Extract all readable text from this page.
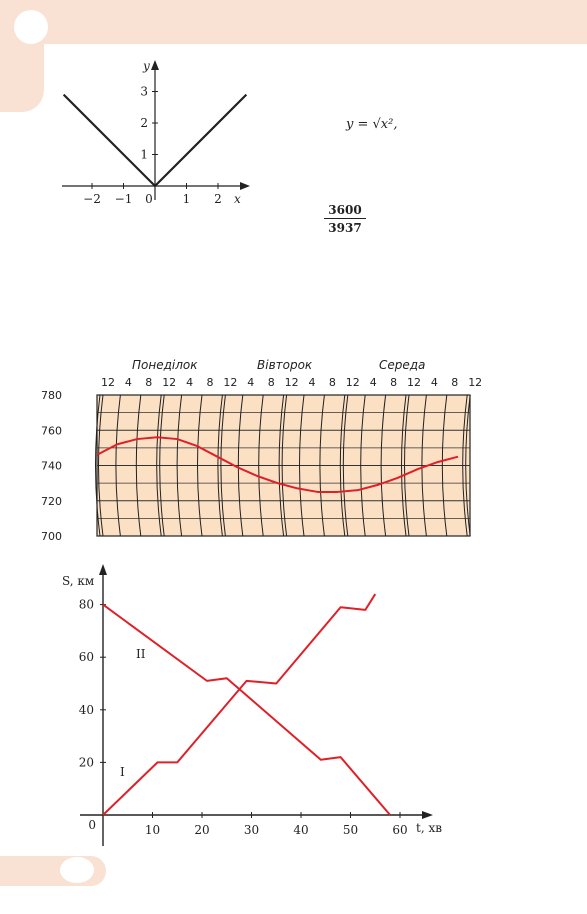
y = √x²,
$\frac{3600}{3937}$
Понеділок	Вівторок	Середа
−2 −1 0 1 2
1
2
3
x
y
12 4 8 12 4 8 12 4 8 12 4 8 12 4 8 12 4 8 12
780
760
740
720
700
10	20	30	40	50	60
0
20
40
60
80
S, км
t, хв
I
II
